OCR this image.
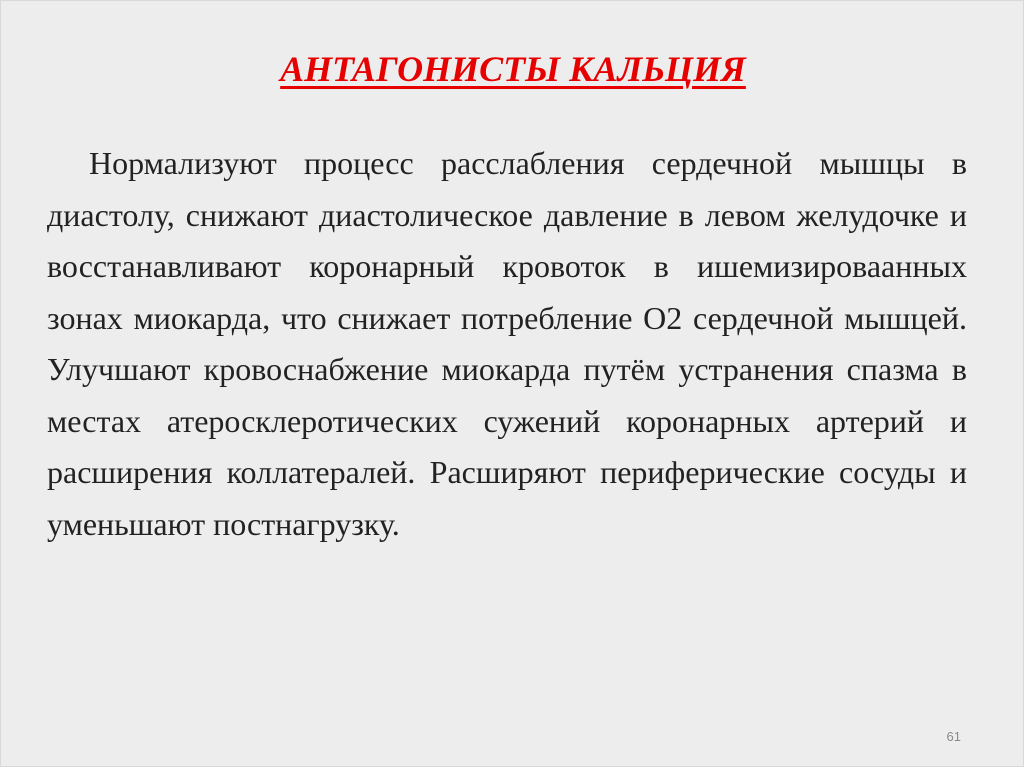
АНТАГОНИСТЫ КАЛЬЦИЯ

Нормализуют процесс расслабления сердечной мышцы в диастолу, снижают диастолическое давление в левом желудочке и восстанавливают коронарный кровоток в ишемизироваанных зонах миокарда, что снижает потребление О2 сердечной мышцей. Улучшают кровоснабжение миокарда путём устранения спазма в местах атеросклеротических сужений коронарных артерий и расширения коллатералей. Расширяют периферические сосуды и уменьшают постнагрузку.

61
